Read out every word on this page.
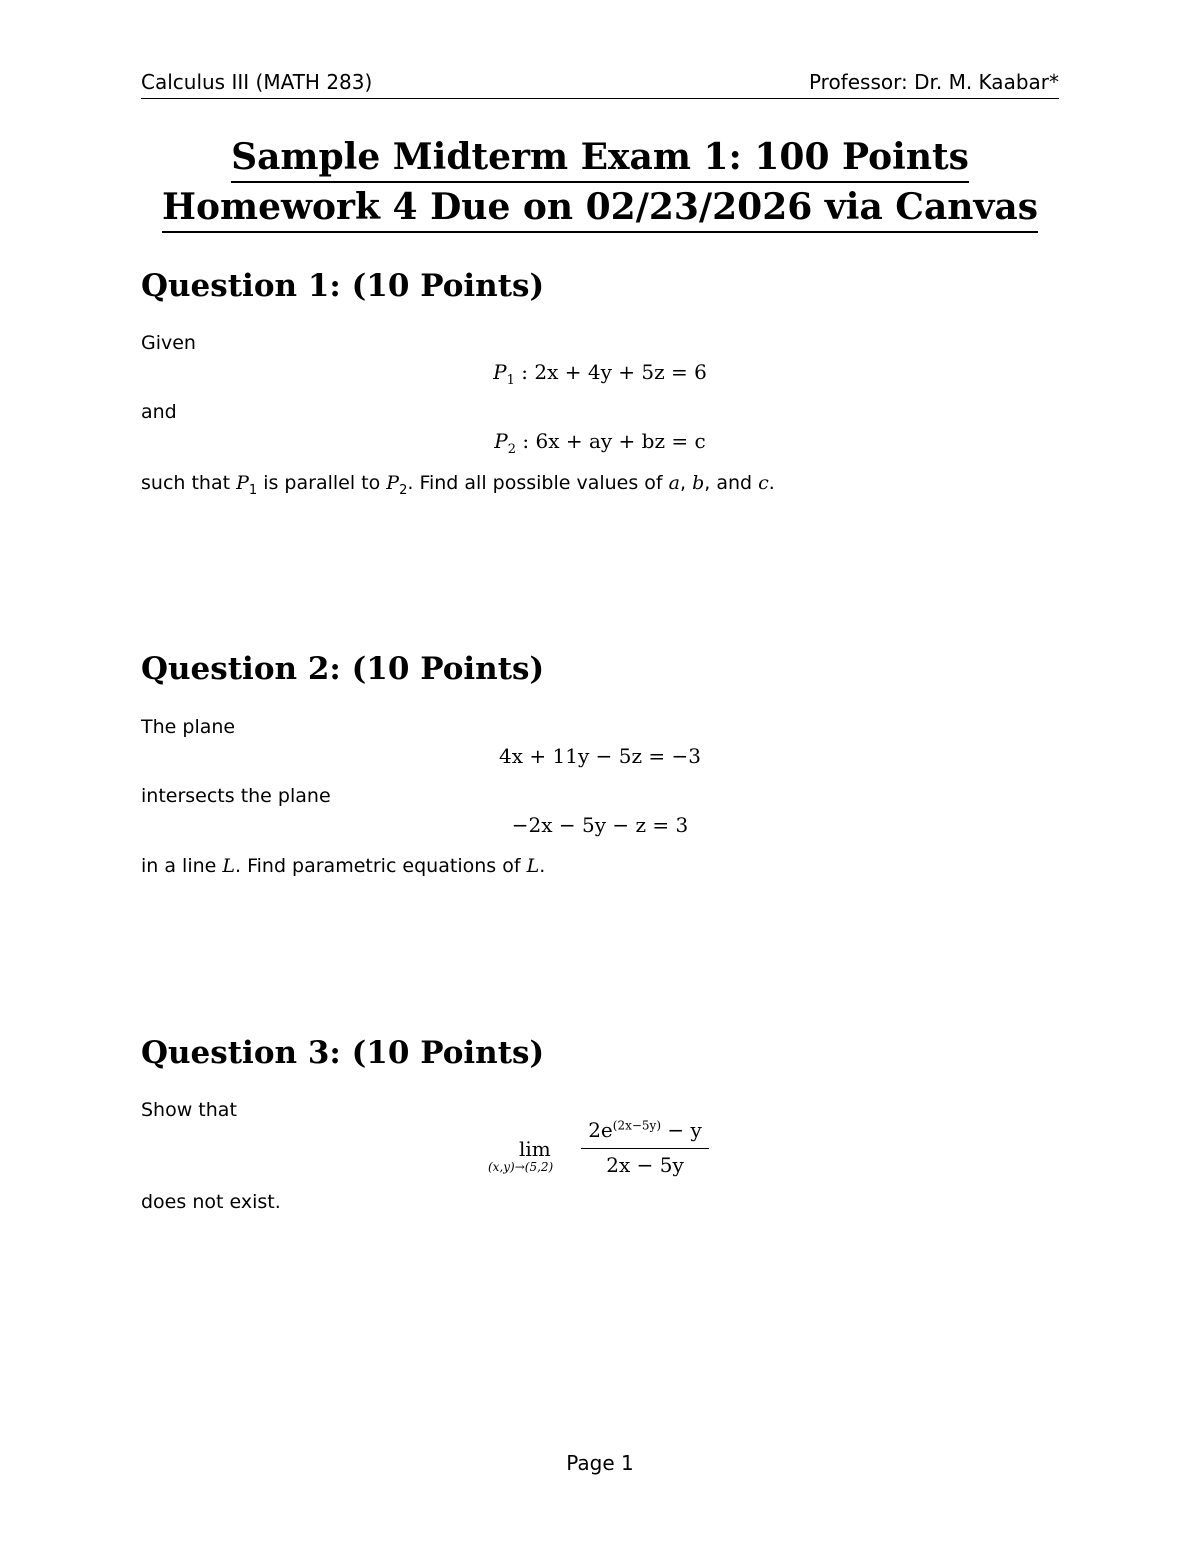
Calculus III (MATH 283)	Professor: Dr. M. Kaabar*
Sample Midterm Exam 1: 100 Points
Homework 4 Due on 02/23/2026 via Canvas
Question 1: (10 Points)
Given
$P_1$ : 2x + 4y + 5z = 6
and
$P_2$ : 6x + ay + bz = c
such that $P_1$ is parallel to $P_2$. Find all possible values of a, b, and c.
Question 2: (10 Points)
The plane
4x + 11y − 5z = −3
intersects the plane
−2x − 5y − z = 3
in a line L. Find parametric equations of L.
Question 3: (10 Points)
Show that
lim
(x,y)→(5,2)
$2e^{(2x-5y)} - y$
2x − 5y
does not exist.
Page 1
